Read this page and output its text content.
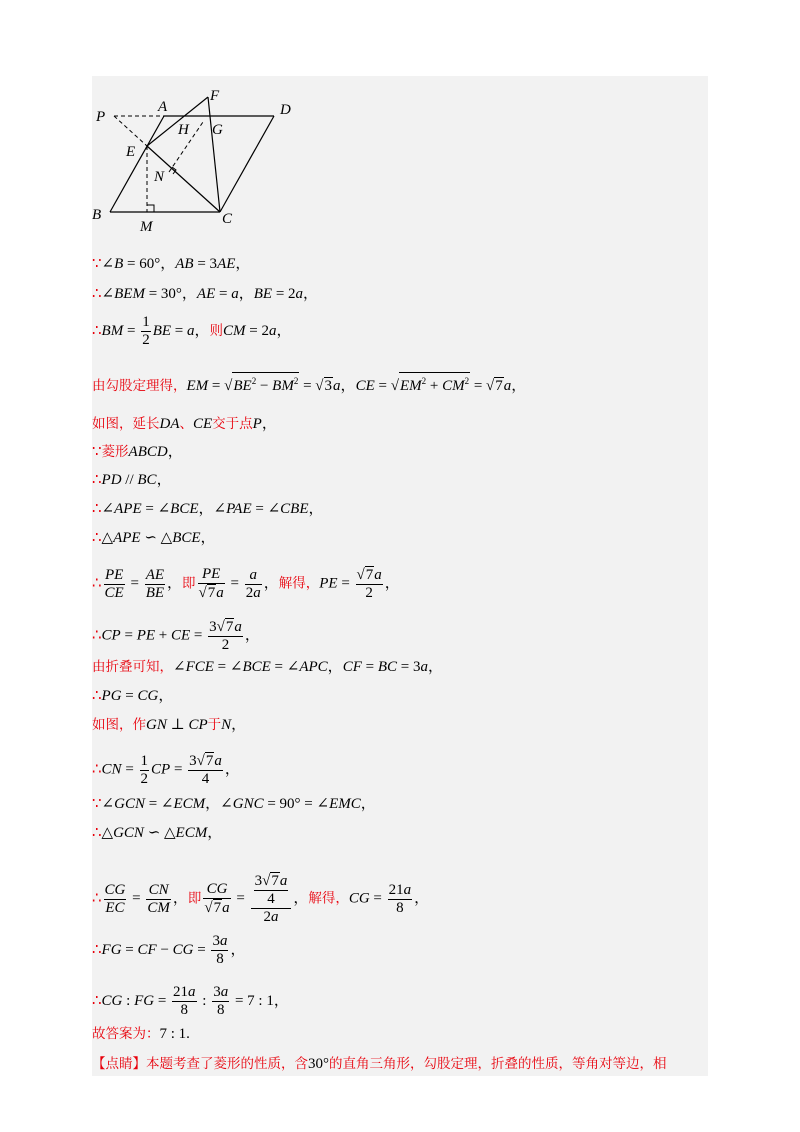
P
A
F
D
H G
E
N
B
M	C
∵∠B = 60°，AB = 3AE，
∴∠BEM = 30°，AE = a，BE = 2a，
∴BM = $\frac{1}{2}$ BE = a，则CM = 2a，
由勾股定理得，EM = $√BE^2 - BM^2 = √3a$，CE = $√EM^2 + CM^2 = √7a$，
如图，延长DA、CE交于点P，
∵菱形ABCD，
∴PD // BC，
∴∠APE = ∠BCE，∠PAE = ∠CBE，
∴△APE ∽ △BCE，
∴ $\frac{PE}{CE} = \frac{AE}{BE}$ ，即 $\frac{PE}{√7a} = \frac{a}{2a}$ ，解得，PE = $\frac{√7a}{2}$ ，
∴CP = PE + CE = $\frac{3√7a}{2}$ ，
由折叠可知，∠FCE = ∠BCE = ∠APC，CF = BC = 3a，
∴PG = CG，
如图，作GN ⊥ CP于N，
∴CN = $\frac{1}{2}$ CP = $\frac{3√7a}{4}$ ，
∵∠GCN = ∠ECM，∠GNC = 90° = ∠EMC，
∴△GCN ∽ △ECM，
∴ $\frac{CG}{EC} = \frac{CN}{CM}$ ，即 $\frac{CG}{√7a} = \frac{\frac{3√7a}{4}}{2a}$ ，解得，CG = $\frac{21a}{8}$ ，
∴FG = CF − CG = $\frac{3a}{8}$ ，
∴CG : FG = $\frac{21a}{8}$ : $\frac{3a}{8} = 7$ : 1，
故答案为：7 : 1.
【点睛】本题考查了菱形的性质，含30°的直角三角形，勾股定理，折叠的性质，等角对等边，相
